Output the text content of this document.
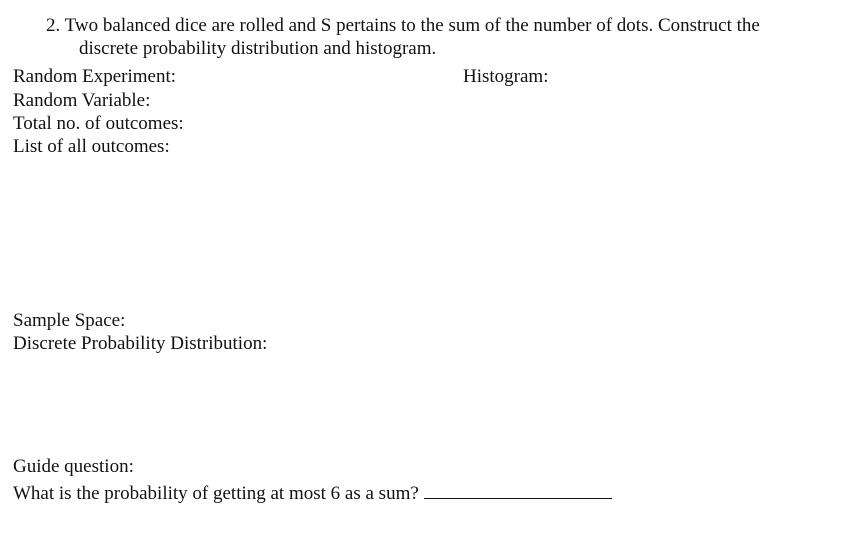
2. Two balanced dice are rolled and S pertains to the sum of the number of dots. Construct the

discrete probability distribution and histogram.

Random Experiment:

Random Variable:

Total no. of outcomes:

List of all outcomes:

Histogram:

Sample Space:

Discrete Probability Distribution:

Guide question:

What is the probability of getting at most 6 as a sum?
